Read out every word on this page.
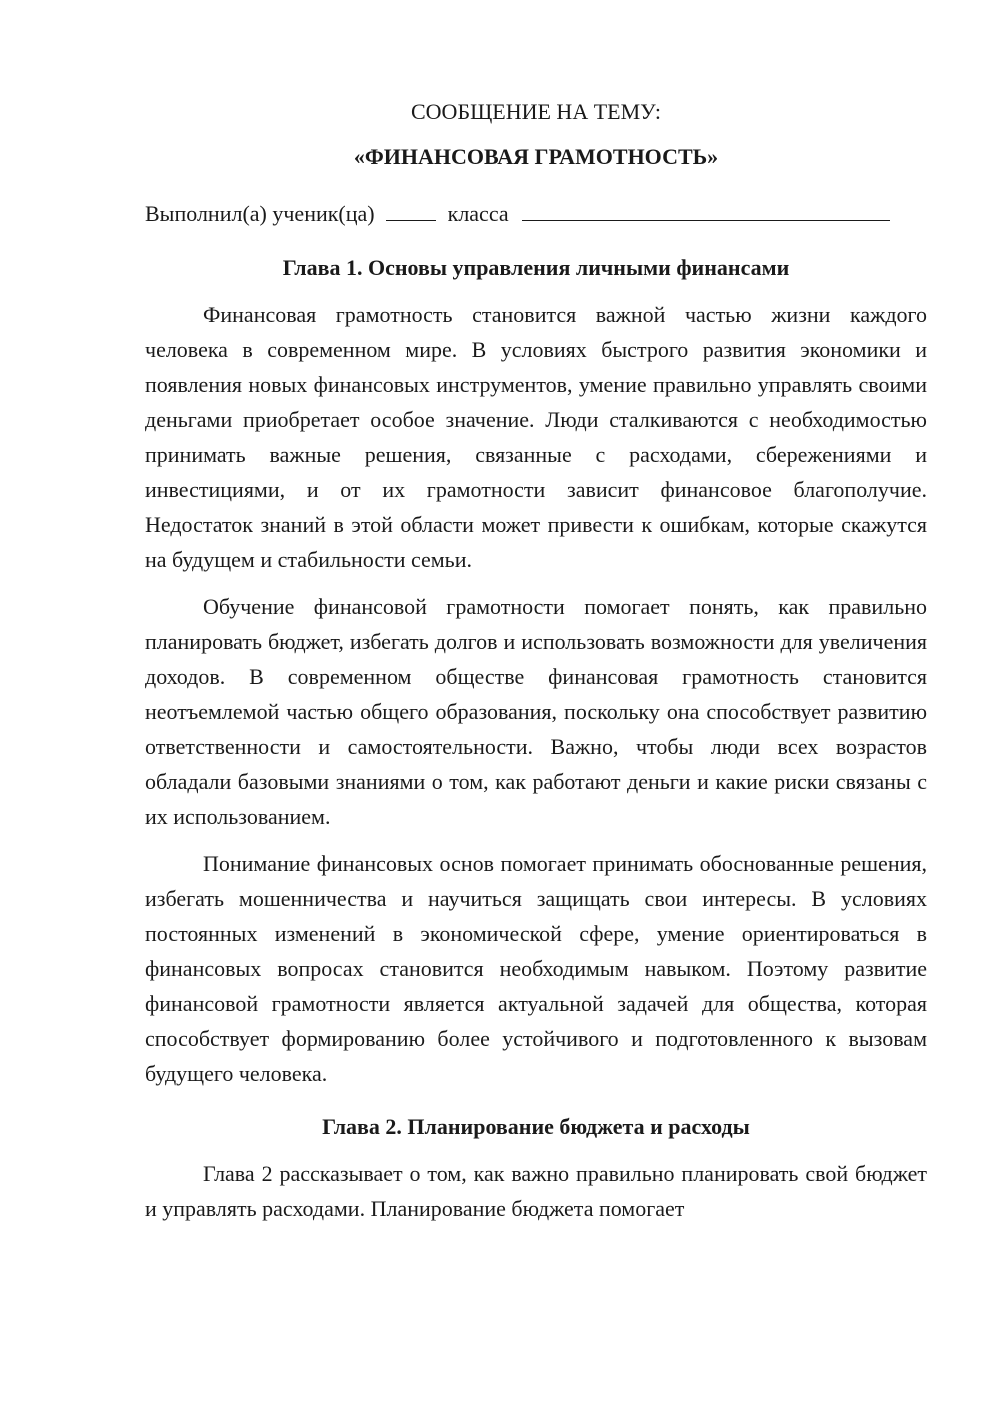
СООБЩЕНИЕ НА ТЕМУ:

«ФИНАНСОВАЯ ГРАМОТНОСТЬ»

Выполнил(а) ученик(ца)	класса
Глава 1. Основы управления личными финансами

Финансовая грамотность становится важной частью жизни каждого человека в современном мире. В условиях быстрого развития экономики и появления новых финансовых инструментов, умение правильно управлять своими деньгами приобретает особое значение. Люди сталкиваются с необходимостью принимать важные решения, связанные с расходами, сбережениями и инвестициями, и от их грамотности зависит финансовое благополучие. Недостаток знаний в этой области может привести к ошибкам, которые скажутся на будущем и стабильности семьи.

Обучение финансовой грамотности помогает понять, как правильно планировать бюджет, избегать долгов и использовать возможности для увеличения доходов. В современном обществе финансовая грамотность становится неотъемлемой частью общего образования, поскольку она способствует развитию ответственности и самостоятельности. Важно, чтобы люди всех возрастов обладали базовыми знаниями о том, как работают деньги и какие риски связаны с их использованием.

Понимание финансовых основ помогает принимать обоснованные решения, избегать мошенничества и научиться защищать свои интересы. В условиях постоянных изменений в экономической сфере, умение ориентироваться в финансовых вопросах становится необходимым навыком. Поэтому развитие финансовой грамотности является актуальной задачей для общества, которая способствует формированию более устойчивого и подготовленного к вызовам будущего человека.

Глава 2. Планирование бюджета и расходы

Глава 2 рассказывает о том, как важно правильно планировать свой бюджет и управлять расходами. Планирование бюджета помогает
